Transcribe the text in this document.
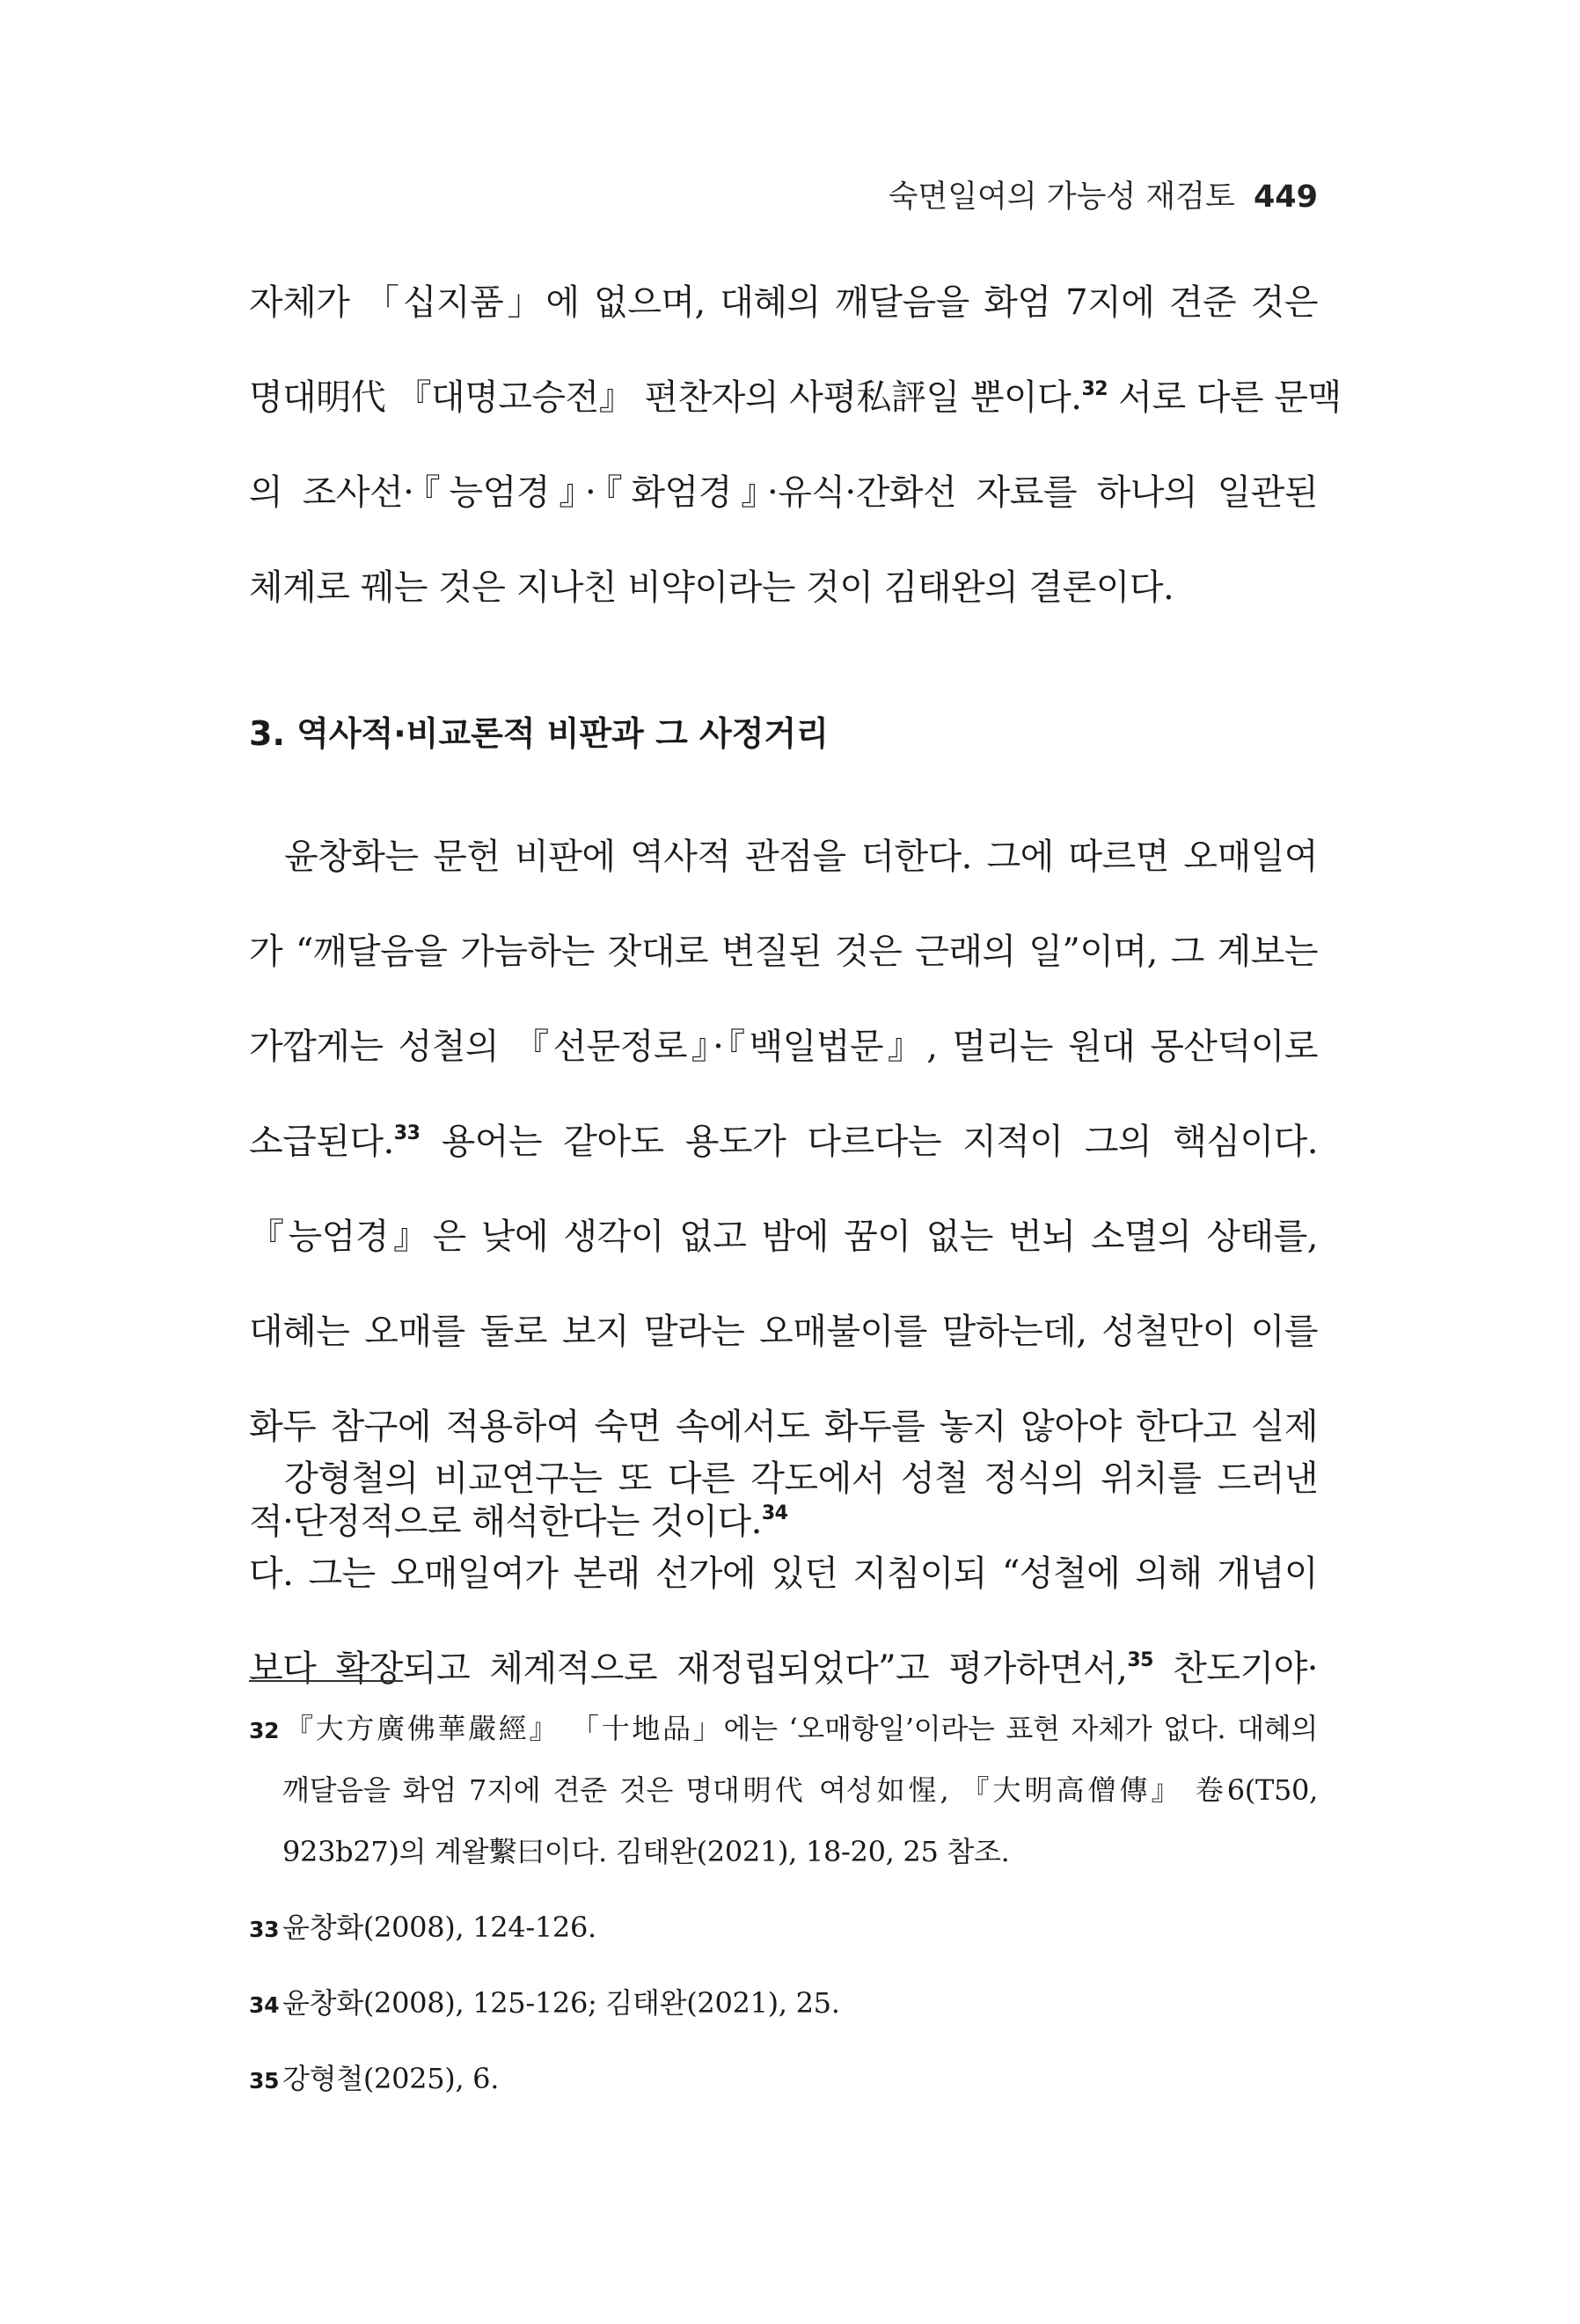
숙면일여의 가능성 재검토 449
자체가 「십지품」에 없으며, 대혜의 깨달음을 화엄 7지에 견준 것은
명대明代 『대명고승전』 편찬자의 사평私評일 뿐이다.$^{32}$ 서로 다른 문맥
의 조사선·『능엄경』·『화엄경』·유식·간화선 자료를 하나의 일관된
체계로 꿰는 것은 지나친 비약이라는 것이 김태완의 결론이다.
3. 역사적·비교론적 비판과 그 사정거리
윤창화는 문헌 비판에 역사적 관점을 더한다. 그에 따르면 오매일여
가 “깨달음을 가늠하는 잣대로 변질된 것은 근래의 일”이며, 그 계보는
가깝게는 성철의 『선문정로』·『백일법문』, 멀리는 원대 몽산덕이로
소급된다.$^{33}$ 용어는 같아도 용도가 다르다는 지적이 그의 핵심이다.
『능엄경』은 낮에 생각이 없고 밤에 꿈이 없는 번뇌 소멸의 상태를,
대혜는 오매를 둘로 보지 말라는 오매불이를 말하는데, 성철만이 이를
화두 참구에 적용하여 숙면 속에서도 화두를 놓지 않아야 한다고 실제
적·단정적으로 해석한다는 것이다.$^{34}$
강형철의 비교연구는 또 다른 각도에서 성철 정식의 위치를 드러낸
다. 그는 오매일여가 본래 선가에 있던 지침이되 “성철에 의해 개념이
보다 확장되고 체계적으로 재정립되었다”고 평가하면서,$^{35}$ 찬도기야·
32 『大方廣佛華嚴經』 「十地品」에는 ‘오매항일’이라는 표현 자체가 없다. 대혜의
깨달음을 화엄 7지에 견준 것은 명대明代 여성如惺, 『大明高僧傳』 卷6(T50,
923b27)의 계왈繫曰이다. 김태완(2021), 18-20, 25 참조.
33 윤창화(2008), 124-126.
34 윤창화(2008), 125-126; 김태완(2021), 25.
35 강형철(2025), 6.
